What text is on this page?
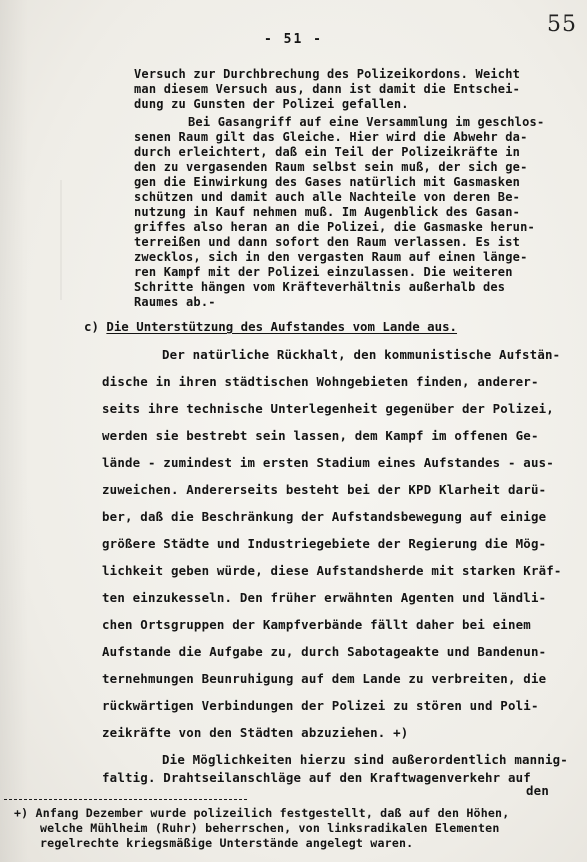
55
- 51 -
Versuch zur Durchbrechung des Polizeikordons. Weicht
man diesem Versuch aus, dann ist damit die Entschei-
dung zu Gunsten der Polizei gefallen.
Bei Gasangriff auf eine Versammlung im geschlos-
senen Raum gilt das Gleiche. Hier wird die Abwehr da-
durch erleichtert, daß ein Teil der Polizeikräfte in
den zu vergasenden Raum selbst sein muß, der sich ge-
gen die Einwirkung des Gases natürlich mit Gasmasken
schützen und damit auch alle Nachteile von deren Be-
nutzung in Kauf nehmen muß. Im Augenblick des Gasan-
griffes also heran an die Polizei, die Gasmaske herun-
terreißen und dann sofort den Raum verlassen. Es ist
zwecklos, sich in den vergasten Raum auf einen länge-
ren Kampf mit der Polizei einzulassen. Die weiteren
Schritte hängen vom Kräfteverhältnis außerhalb des
Raumes ab.-
c) Die Unterstützung des Aufstandes vom Lande aus.
Der natürliche Rückhalt, den kommunistische Aufstän-
dische in ihren städtischen Wohngebieten finden, anderer-
seits ihre technische Unterlegenheit gegenüber der Polizei,
werden sie bestrebt sein lassen, dem Kampf im offenen Ge-
lände - zumindest im ersten Stadium eines Aufstandes - aus-
zuweichen. Andererseits besteht bei der KPD Klarheit darü-
ber, daß die Beschränkung der Aufstandsbewegung auf einige
größere Städte und Industriegebiete der Regierung die Mög-
lichkeit geben würde, diese Aufstandsherde mit starken Kräf-
ten einzukesseln. Den früher erwähnten Agenten und ländli-
chen Ortsgruppen der Kampfverbände fällt daher bei einem
Aufstande die Aufgabe zu, durch Sabotageakte und Bandenun-
ternehmungen Beunruhigung auf dem Lande zu verbreiten, die
rückwärtigen Verbindungen der Polizei zu stören und Poli-
zeikräfte von den Städten abzuziehen. +)
Die Möglichkeiten hierzu sind außerordentlich mannig-
faltig. Drahtseilanschläge auf den Kraftwagenverkehr auf
den
+) Anfang Dezember wurde polizeilich festgestellt, daß auf den Höhen,
welche Mühlheim (Ruhr) beherrschen, von linksradikalen Elementen
regelrechte kriegsmäßige Unterstände angelegt waren.
